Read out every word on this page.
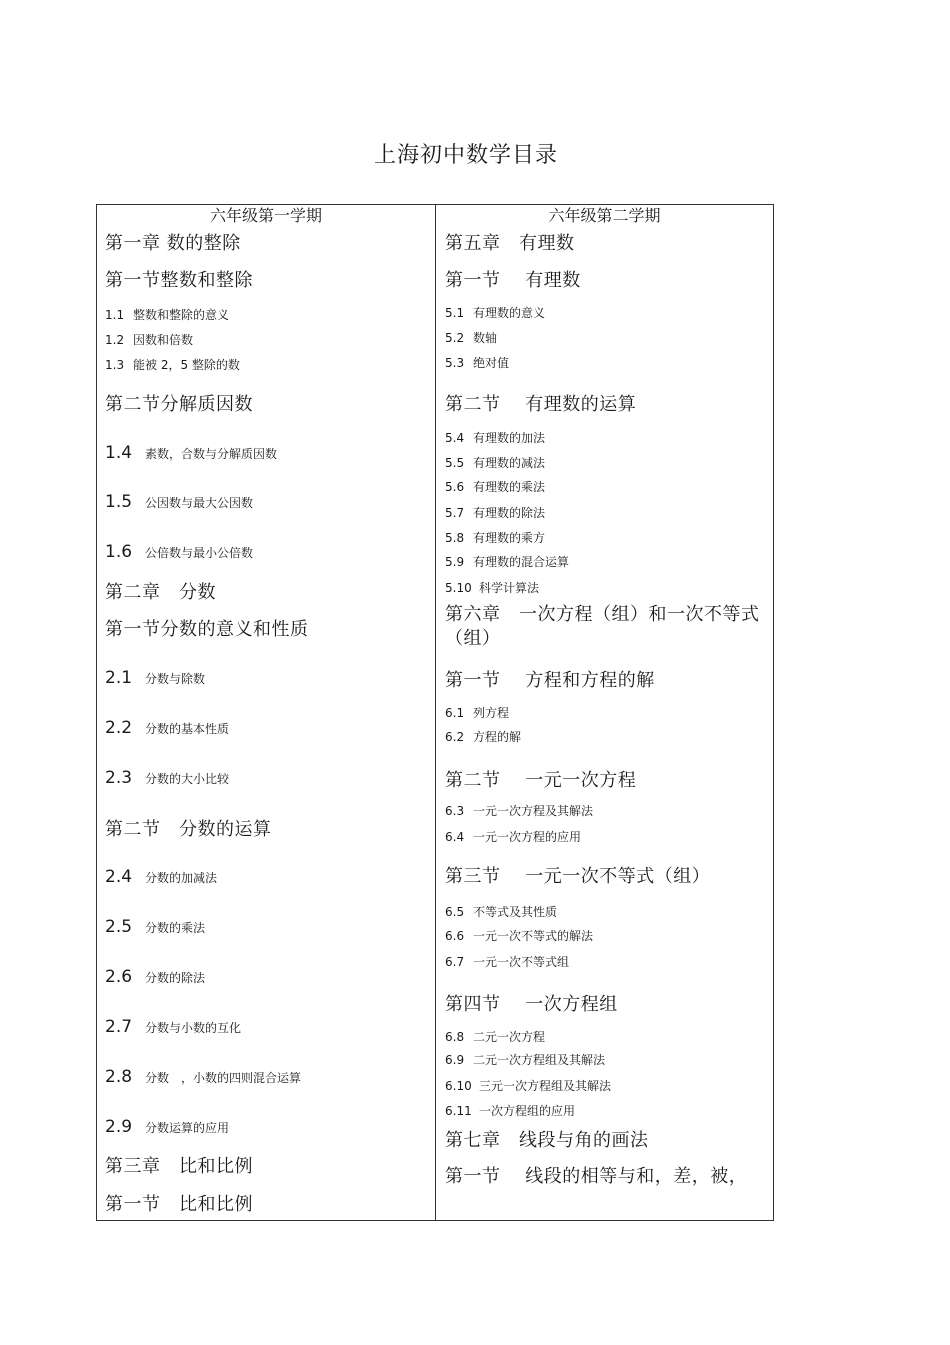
上海初中数学目录
六年级第一学期
第一章 数的整除
第一节整数和整除
1.1 整数和整除的意义
1.2 因数和倍数
1.3 能被 2，5 整除的数
第二节分解质因数
1.4 素数，合数与分解质因数
1.5 公因数与最大公因数
1.6 公倍数与最小公倍数
第二章　分数
第一节分数的意义和性质
2.1 分数与除数
2.2 分数的基本性质
2.3 分数的大小比较
第二节　分数的运算
2.4 分数的加减法
2.5 分数的乘法
2.6 分数的除法
2.7 分数与小数的互化
2.8 分数　，小数的四则混合运算
2.9 分数运算的应用
第三章　比和比例
第一节　比和比例
六年级第二学期
第五章　有理数
第一节　 有理数
5.1 有理数的意义
5.2 数轴
5.3 绝对值
第二节　 有理数的运算
5.4 有理数的加法
5.5 有理数的减法
5.6 有理数的乘法
5.7 有理数的除法
5.8 有理数的乘方
5.9 有理数的混合运算
5.10 科学计算法
第六章　一次方程（组）和一次不等式（组）
第一节　 方程和方程的解
6.1 列方程
6.2 方程的解
第二节　 一元一次方程
6.3 一元一次方程及其解法
6.4 一元一次方程的应用
第三节　 一元一次不等式（组）
6.5 不等式及其性质
6.6 一元一次不等式的解法
6.7 一元一次不等式组
第四节　 一次方程组
6.8 二元一次方程
6.9 二元一次方程组及其解法
6.10 三元一次方程组及其解法
6.11 一次方程组的应用
第七章　线段与角的画法
第一节　 线段的相等与和，差，被，
